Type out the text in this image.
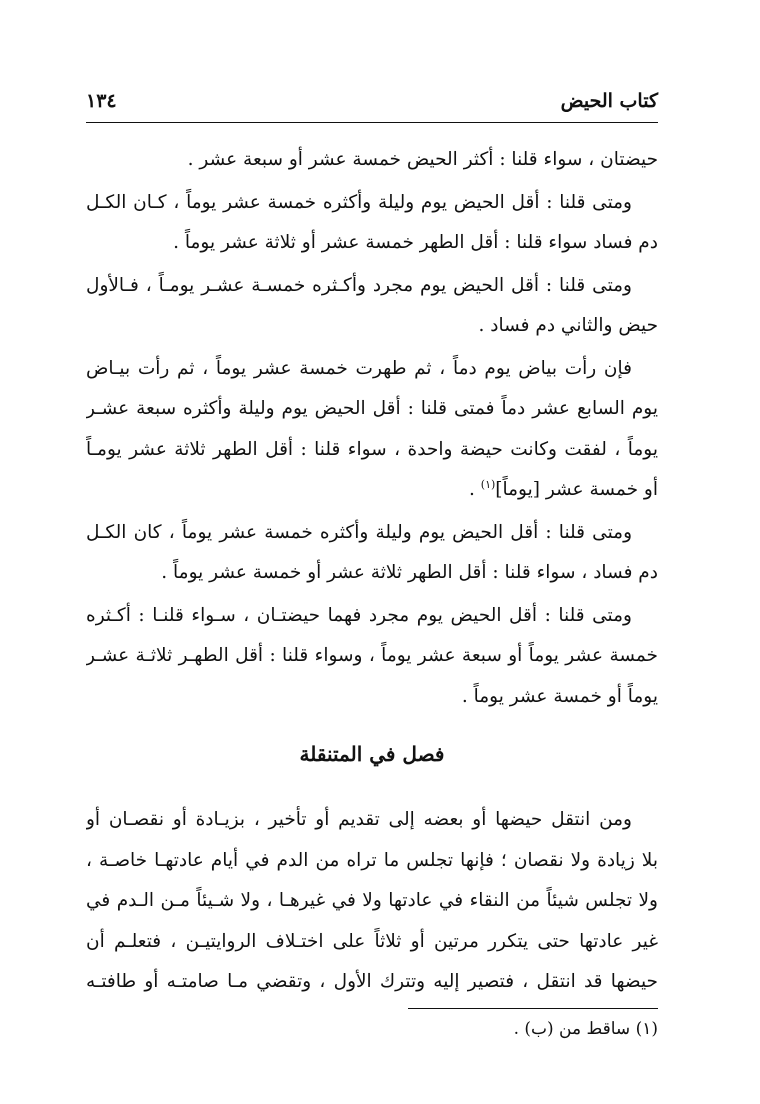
كتاب الحيض
١٣٤
حيضتان ، سواء قلنا : أكثر الحيض خمسة عشر أو سبعة عشر .
ومتى قلنا : أقل الحيض يوم وليلة وأكثره خمسة عشر يوماً ، كـان الكـل
دم فساد سواء قلنا : أقل الطهر خمسة عشر أو ثلاثة عشر يوماً .
ومتى قلنا : أقل الحيض يوم مجرد وأكـثره خمسـة عشـر يومـاً ، فـالأول
حيض والثاني دم فساد .
فإن رأت بياض يوم دماً ، ثم طهرت خمسة عشر يوماً ، ثم رأت بيـاض
يوم السابع عشر دماً فمتى قلنا : أقل الحيض يوم وليلة وأكثره سبعة عشـر
يوماً ، لفقت وكانت حيضة واحدة ، سواء قلنا : أقل الطهر ثلاثة عشر يومـاً
أو خمسة عشر [يوماً]$^{(١)}$ .
ومتى قلنا : أقل الحيض يوم وليلة وأكثره خمسة عشر يوماً ، كان الكـل
دم فساد ، سواء قلنا : أقل الطهر ثلاثة عشر أو خمسة عشر يوماً .
ومتى قلنا : أقل الحيض يوم مجرد فهما حيضتـان ، سـواء قلنـا : أكـثره
خمسة عشر يوماً أو سبعة عشر يوماً ، وسواء قلنا : أقل الطهـر ثلاثـة عشـر
يوماً أو خمسة عشر يوماً .
فصل في المتنقلة
ومن انتقل حيضها أو بعضه إلى تقديم أو تأخير ، بزيـادة أو نقصـان أو
بلا زيادة ولا نقصان ؛ فإنها تجلس ما تراه من الدم في أيام عادتهـا خاصـة ،
ولا تجلس شيئاً من النقاء في عادتها ولا في غيرهـا ، ولا شـيئاً مـن الـدم في
غير عادتها حتى يتكرر مرتين أو ثلاثاً على اختـلاف الروايتيـن ، فتعلـم أن
حيضها قد انتقل ، فتصير إليه وتترك الأول ، وتقضي مـا صامتـه أو طافتـه
(١) ساقط من (ب) .
